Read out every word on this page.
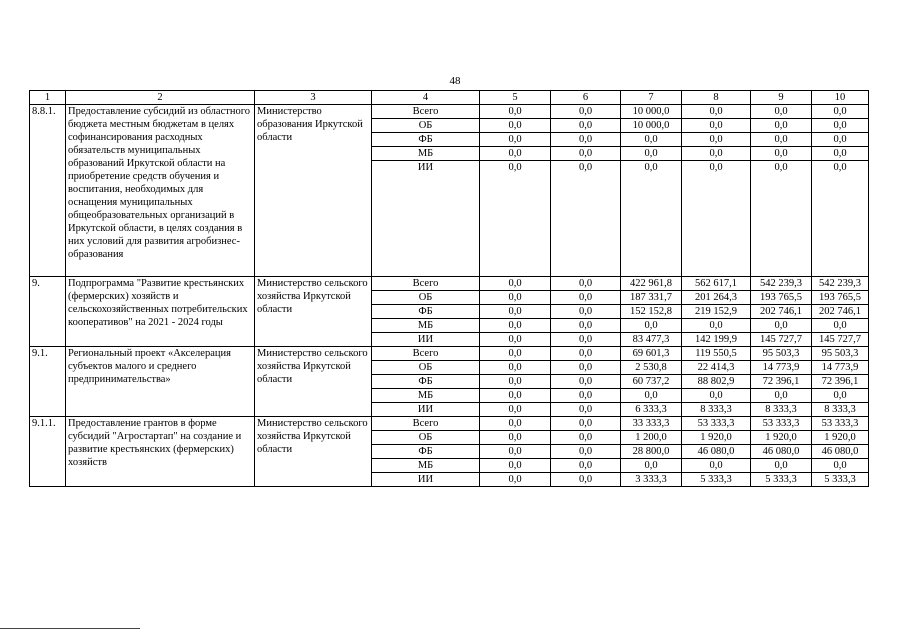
48
1	2	3	4	5	6	7	8	9	10
8.8.1.	Предоставление субсидий из областного бюджета местным бюджетам в целях софинансирования расходных обязательств муниципальных образований Иркутской области на приобретение средств обучения и воспитания, необходимых для оснащения муниципальных общеобразовательных организаций в Иркутской области, в целях создания в них условий для развития агробизнес-образования	Министерство образования Иркутской области	Всего	0,0	0,0	10 000,0	0,0	0,0	0,0
			ОБ	0,0	0,0	10 000,0	0,0	0,0	0,0
			ФБ	0,0	0,0	0,0	0,0	0,0	0,0
			МБ	0,0	0,0	0,0	0,0	0,0	0,0
			ИИ	0,0	0,0	0,0	0,0	0,0	0,0
9.	Подпрограмма "Развитие крестьянских (фермерских) хозяйств и сельскохозяйственных потребительских кооперативов" на 2021 - 2024 годы	Министерство сельского хозяйства Иркутской области	Всего	0,0	0,0	422 961,8	562 617,1	542 239,3	542 239,3
			ОБ	0,0	0,0	187 331,7	201 264,3	193 765,5	193 765,5
			ФБ	0,0	0,0	152 152,8	219 152,9	202 746,1	202 746,1
			МБ	0,0	0,0	0,0	0,0	0,0	0,0
			ИИ	0,0	0,0	83 477,3	142 199,9	145 727,7	145 727,7
9.1.	Региональный проект «Акселерация субъектов малого и среднего предпринимательства»	Министерство сельского хозяйства Иркутской области	Всего	0,0	0,0	69 601,3	119 550,5	95 503,3	95 503,3
			ОБ	0,0	0,0	2 530,8	22 414,3	14 773,9	14 773,9
			ФБ	0,0	0,0	60 737,2	88 802,9	72 396,1	72 396,1
			МБ	0,0	0,0	0,0	0,0	0,0	0,0
			ИИ	0,0	0,0	6 333,3	8 333,3	8 333,3	8 333,3
9.1.1.	Предоставление грантов в форме субсидий "Агростартап" на создание и развитие крестьянских (фермерских) хозяйств	Министерство сельского хозяйства Иркутской области	Всего	0,0	0,0	33 333,3	53 333,3	53 333,3	53 333,3
			ОБ	0,0	0,0	1 200,0	1 920,0	1 920,0	1 920,0
			ФБ	0,0	0,0	28 800,0	46 080,0	46 080,0	46 080,0
			МБ	0,0	0,0	0,0	0,0	0,0	0,0
			ИИ	0,0	0,0	3 333,3	5 333,3	5 333,3	5 333,3
